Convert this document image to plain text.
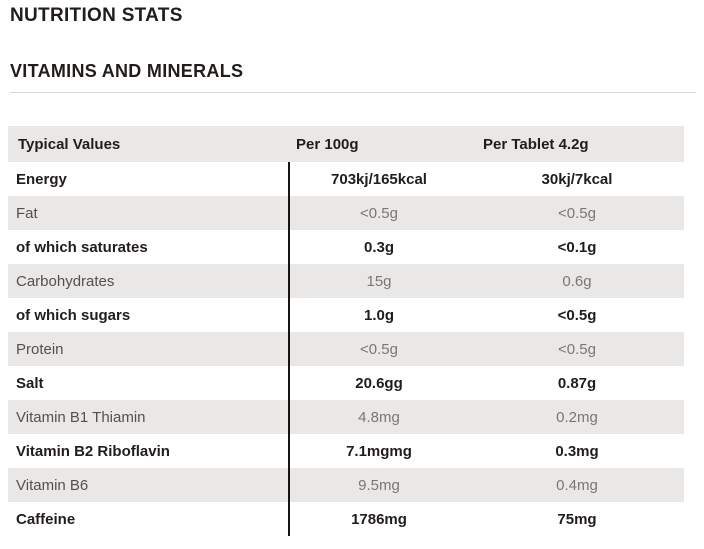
NUTRITION STATS
VITAMINS AND MINERALS
Typical Values	Per 100g	Per Tablet 4.2g
Energy	703kj/165kcal	30kj/7kcal
Fat	<0.5g	<0.5g
of which saturates	0.3g	<0.1g
Carbohydrates	15g	0.6g
of which sugars	1.0g	<0.5g
Protein	<0.5g	<0.5g
Salt	20.6gg	0.87g
Vitamin B1 Thiamin	4.8mg	0.2mg
Vitamin B2 Riboflavin	7.1mgmg	0.3mg
Vitamin B6	9.5mg	0.4mg
Caffeine	1786mg	75mg
